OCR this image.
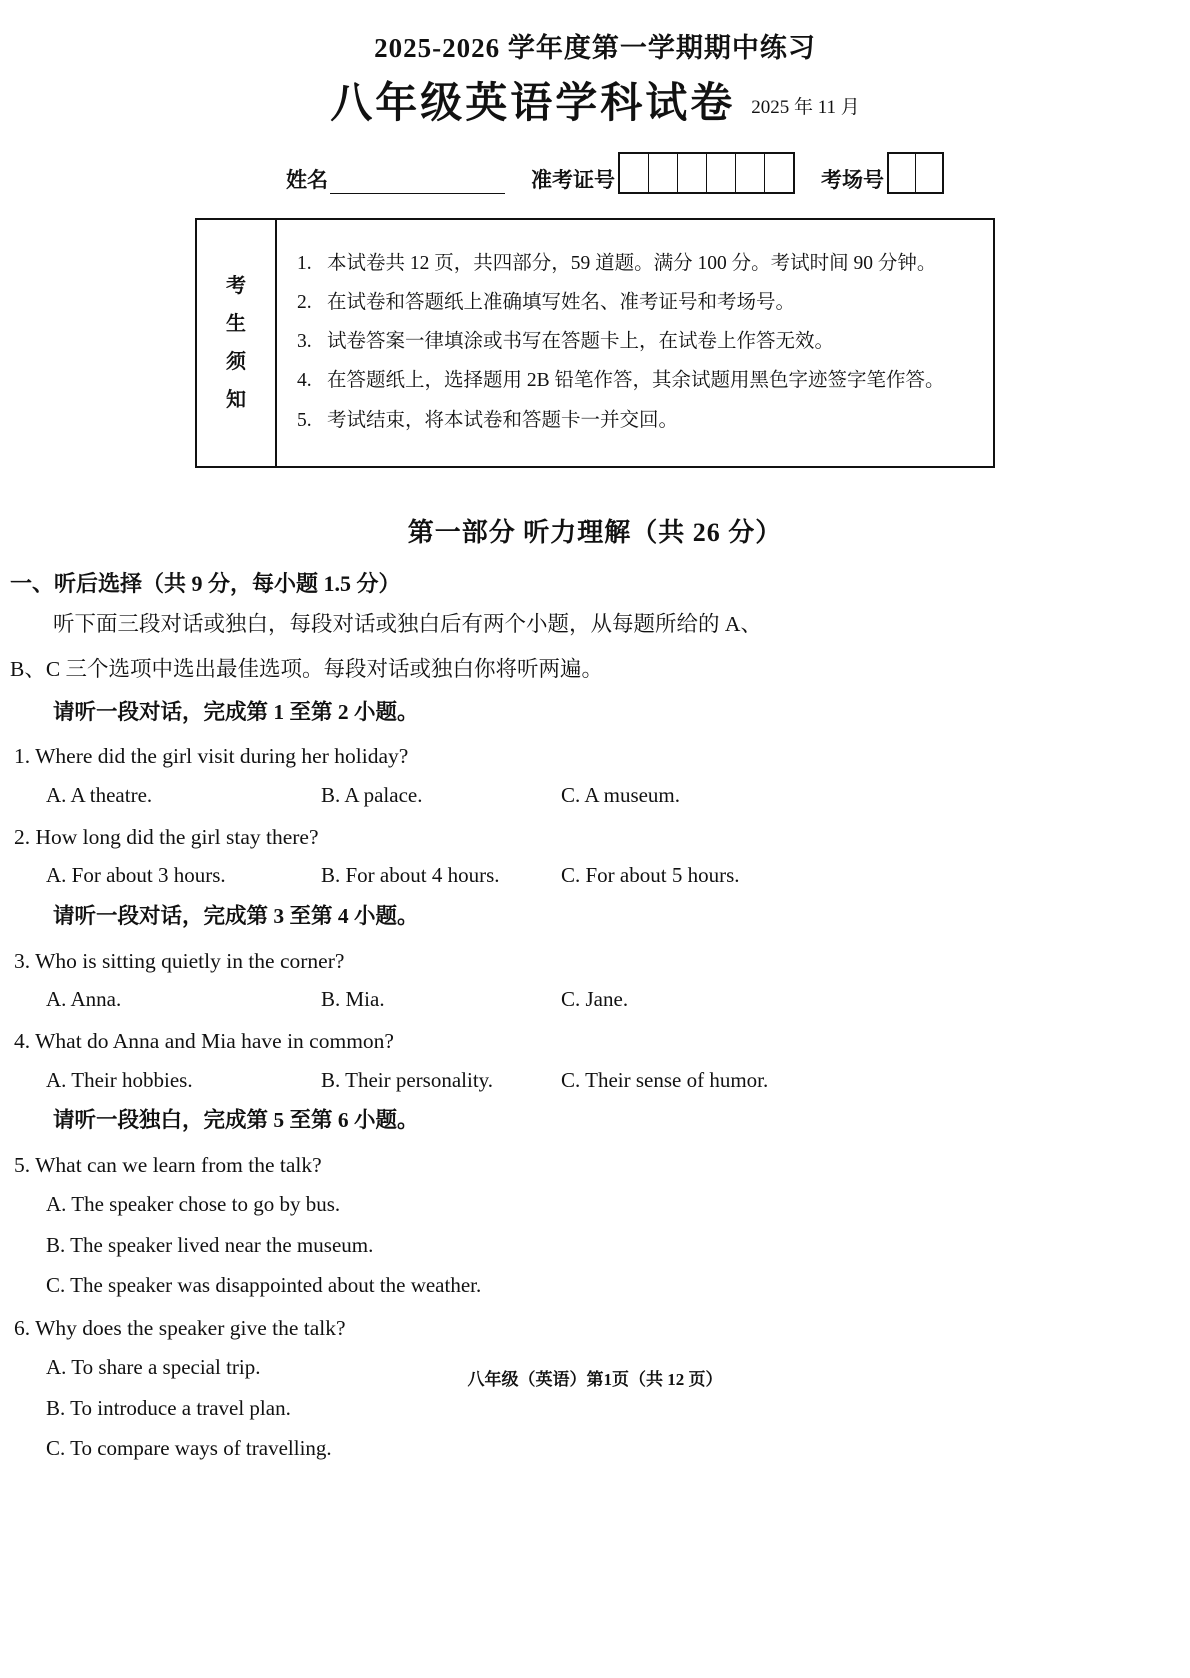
2025-2026 学年度第一学期期中练习
八年级英语学科试卷 2025 年 11 月
姓名	准考证号	考场号
考
生
须
知
1. 本试卷共 12 页，共四部分，59 道题。满分 100 分。考试时间 90 分钟。
2. 在试卷和答题纸上准确填写姓名、准考证号和考场号。
3. 试卷答案一律填涂或书写在答题卡上，在试卷上作答无效。
4. 在答题纸上，选择题用 2B 铅笔作答，其余试题用黑色字迹签字笔作答。
5. 考试结束，将本试卷和答题卡一并交回。
第一部分 听力理解（共 26 分）
一、听后选择（共 9 分，每小题 1.5 分）
听下面三段对话或独白，每段对话或独白后有两个小题，从每题所给的 A、
B、C 三个选项中选出最佳选项。每段对话或独白你将听两遍。
请听一段对话，完成第 1 至第 2 小题。
1. Where did the girl visit during her holiday?
A. A theatre.	B. A palace.	C. A museum.
2. How long did the girl stay there?
A. For about 3 hours.	B. For about 4 hours.	C. For about 5 hours.
请听一段对话，完成第 3 至第 4 小题。
3. Who is sitting quietly in the corner?
A. Anna.	B. Mia.	C. Jane.
4. What do Anna and Mia have in common?
A. Their hobbies.	B. Their personality.	C. Their sense of humor.
请听一段独白，完成第 5 至第 6 小题。
5. What can we learn from the talk?
A. The speaker chose to go by bus.
B. The speaker lived near the museum.
C. The speaker was disappointed about the weather.
6. Why does the speaker give the talk?
A. To share a special trip.
B. To introduce a travel plan.
C. To compare ways of travelling.
八年级（英语）第1页（共 12 页）
